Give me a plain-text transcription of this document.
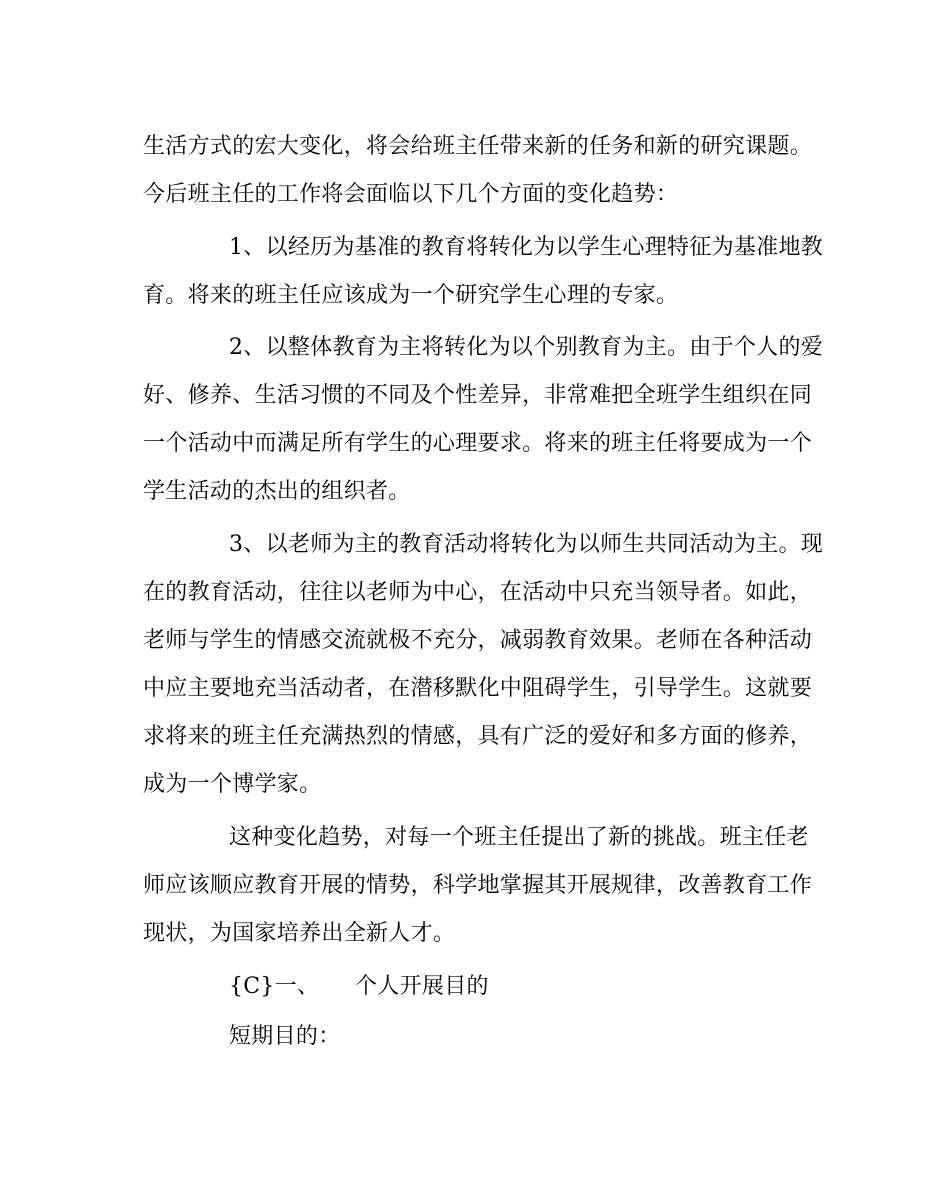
生活方式的宏大变化，将会给班主任带来新的任务和新的研究课题。

今后班主任的工作将会面临以下几个方面的变化趋势：

1、以经历为基准的教育将转化为以学生心理特征为基准地教

育。将来的班主任应该成为一个研究学生心理的专家。

2、以整体教育为主将转化为以个别教育为主。由于个人的爱

好、修养、生活习惯的不同及个性差异，非常难把全班学生组织在同

一个活动中而满足所有学生的心理要求。将来的班主任将要成为一个

学生活动的杰出的组织者。

3、以老师为主的教育活动将转化为以师生共同活动为主。现

在的教育活动，往往以老师为中心，在活动中只充当领导者。如此，

老师与学生的情感交流就极不充分，减弱教育效果。老师在各种活动

中应主要地充当活动者，在潜移默化中阻碍学生，引导学生。这就要

求将来的班主任充满热烈的情感，具有广泛的爱好和多方面的修养，

成为一个博学家。

这种变化趋势，对每一个班主任提出了新的挑战。班主任老

师应该顺应教育开展的情势，科学地掌握其开展规律，改善教育工作

现状，为国家培养出全新人才。

{C}一、 个人开展目的

短期目的：
